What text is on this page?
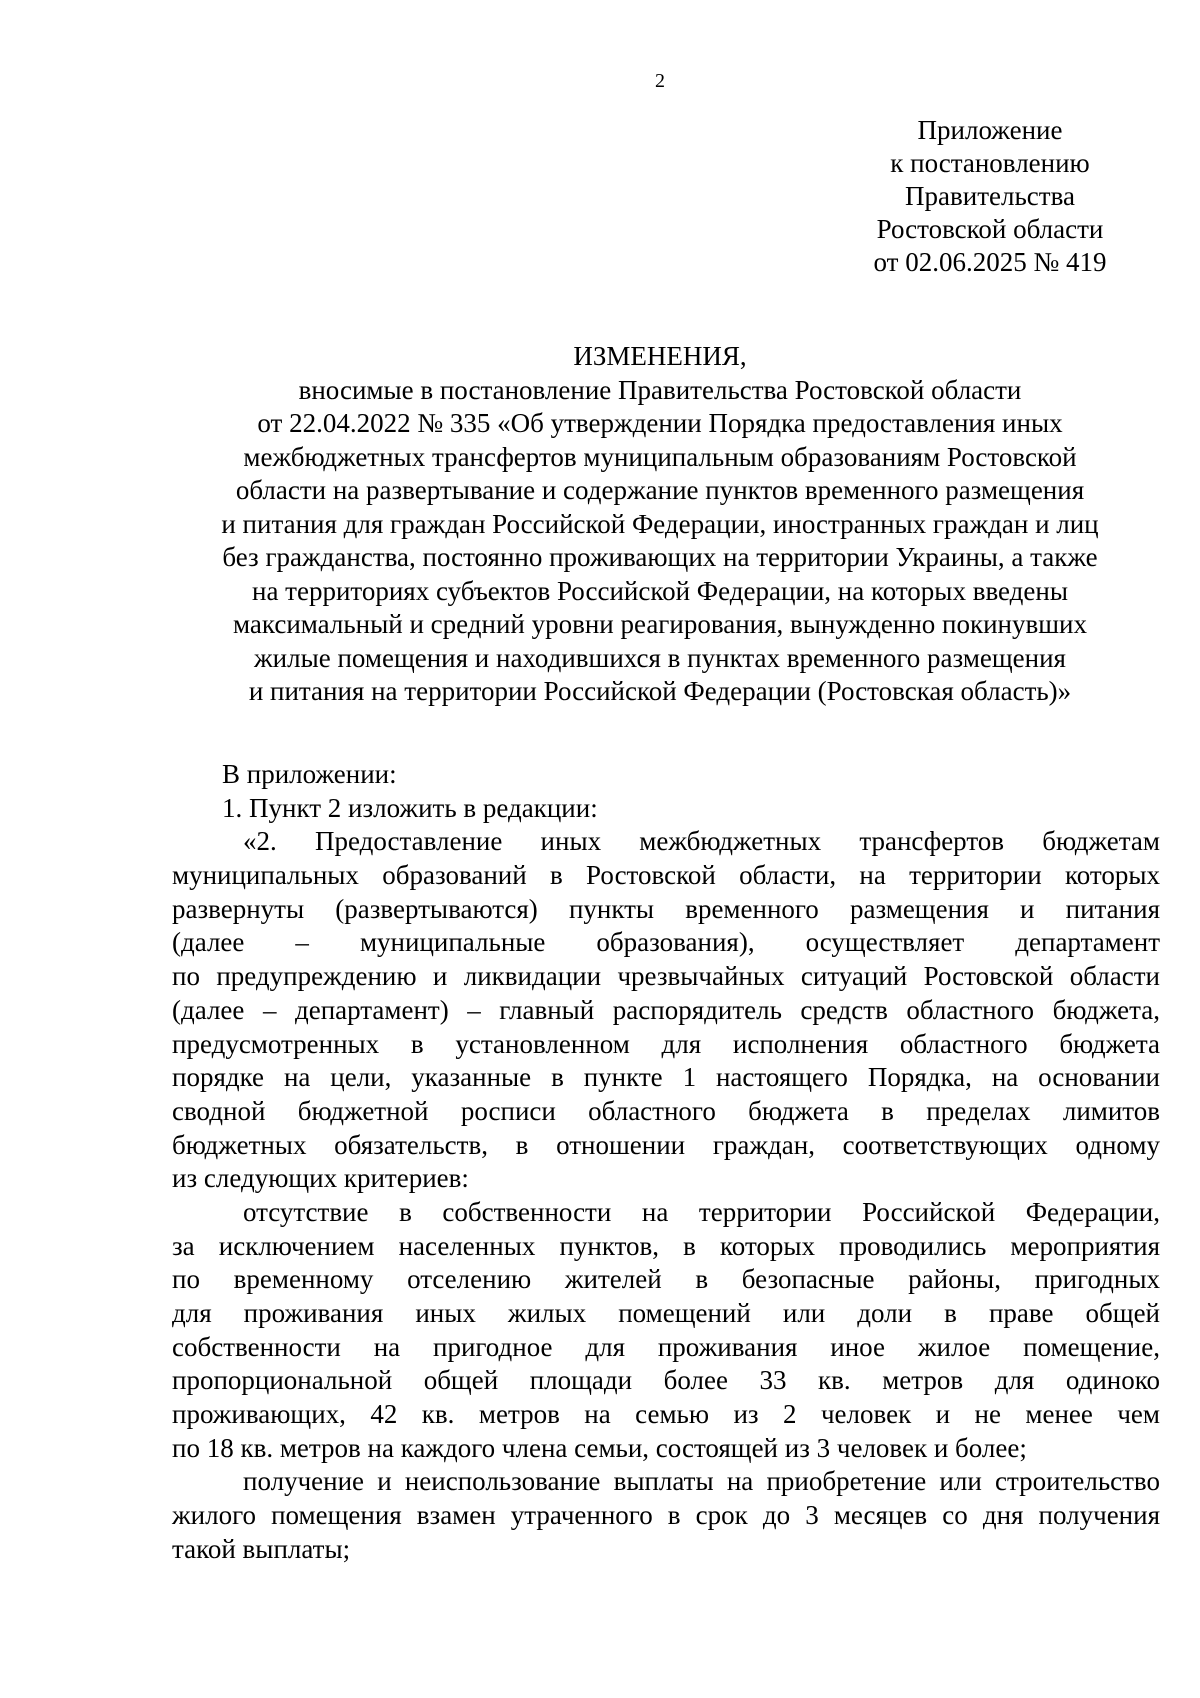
2
Приложение
к постановлению
Правительства
Ростовской области
от 02.06.2025 № 419
ИЗМЕНЕНИЯ,
вносимые в постановление Правительства Ростовской области
от 22.04.2022 № 335 «Об утверждении Порядка предоставления иных
межбюджетных трансфертов муниципальным образованиям Ростовской
области на развертывание и содержание пунктов временного размещения
и питания для граждан Российской Федерации, иностранных граждан и лиц
без гражданства, постоянно проживающих на территории Украины, а также
на территориях субъектов Российской Федерации, на которых введены
максимальный и средний уровни реагирования, вынужденно покинувших
жилые помещения и находившихся в пунктах временного размещения
и питания на территории Российской Федерации (Ростовская область)»
В приложении:
1. Пункт 2 изложить в редакции:
«2. Предоставление иных межбюджетных трансфертов бюджетам
муниципальных образований в Ростовской области, на территории которых
развернуты (развертываются) пункты временного размещения и питания
(далее – муниципальные образования), осуществляет департамент
по предупреждению и ликвидации чрезвычайных ситуаций Ростовской области
(далее – департамент) – главный распорядитель средств областного бюджета,
предусмотренных в установленном для исполнения областного бюджета
порядке на цели, указанные в пункте 1 настоящего Порядка, на основании
сводной бюджетной росписи областного бюджета в пределах лимитов
бюджетных обязательств, в отношении граждан, соответствующих одному
из следующих критериев:
отсутствие в собственности на территории Российской Федерации,
за исключением населенных пунктов, в которых проводились мероприятия
по временному отселению жителей в безопасные районы, пригодных
для проживания иных жилых помещений или доли в праве общей
собственности на пригодное для проживания иное жилое помещение,
пропорциональной общей площади более 33 кв. метров для одиноко
проживающих, 42 кв. метров на семью из 2 человек и не менее чем
по 18 кв. метров на каждого члена семьи, состоящей из 3 человек и более;
получение и неиспользование выплаты на приобретение или строительство
жилого помещения взамен утраченного в срок до 3 месяцев со дня получения
такой выплаты;
